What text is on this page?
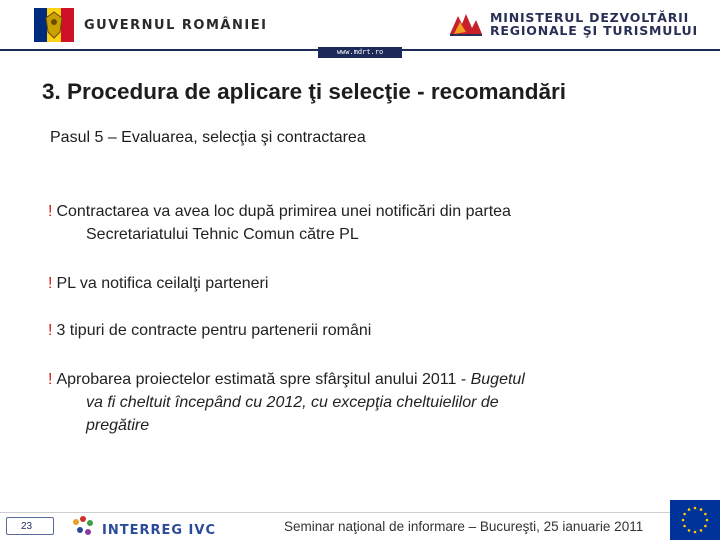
GUVERNUL ROMÂNIEI	MINISTERUL DEZVOLTĂRII
REGIONALE ŞI TURISMULUI
www.mdrt.ro
3. Procedura de aplicare ţi selecţie - recomandări
Pasul 5 – Evaluarea, selecţia şi contractarea
! Contractarea va avea loc după primirea unei notificări din partea
Secretariatului Tehnic Comun către PL
! PL va notifica ceilalţi parteneri
! 3 tipuri de contracte pentru partenerii români
! Aprobarea proiectelor estimată spre sfârşitul anului 2011 - Bugetul
va fi cheltuit începând cu 2012, cu excepţia cheltuielilor de
pregătire
23	INTERREG IVC	Seminar naţional de informare – Bucureşti, 25 ianuarie 2011
